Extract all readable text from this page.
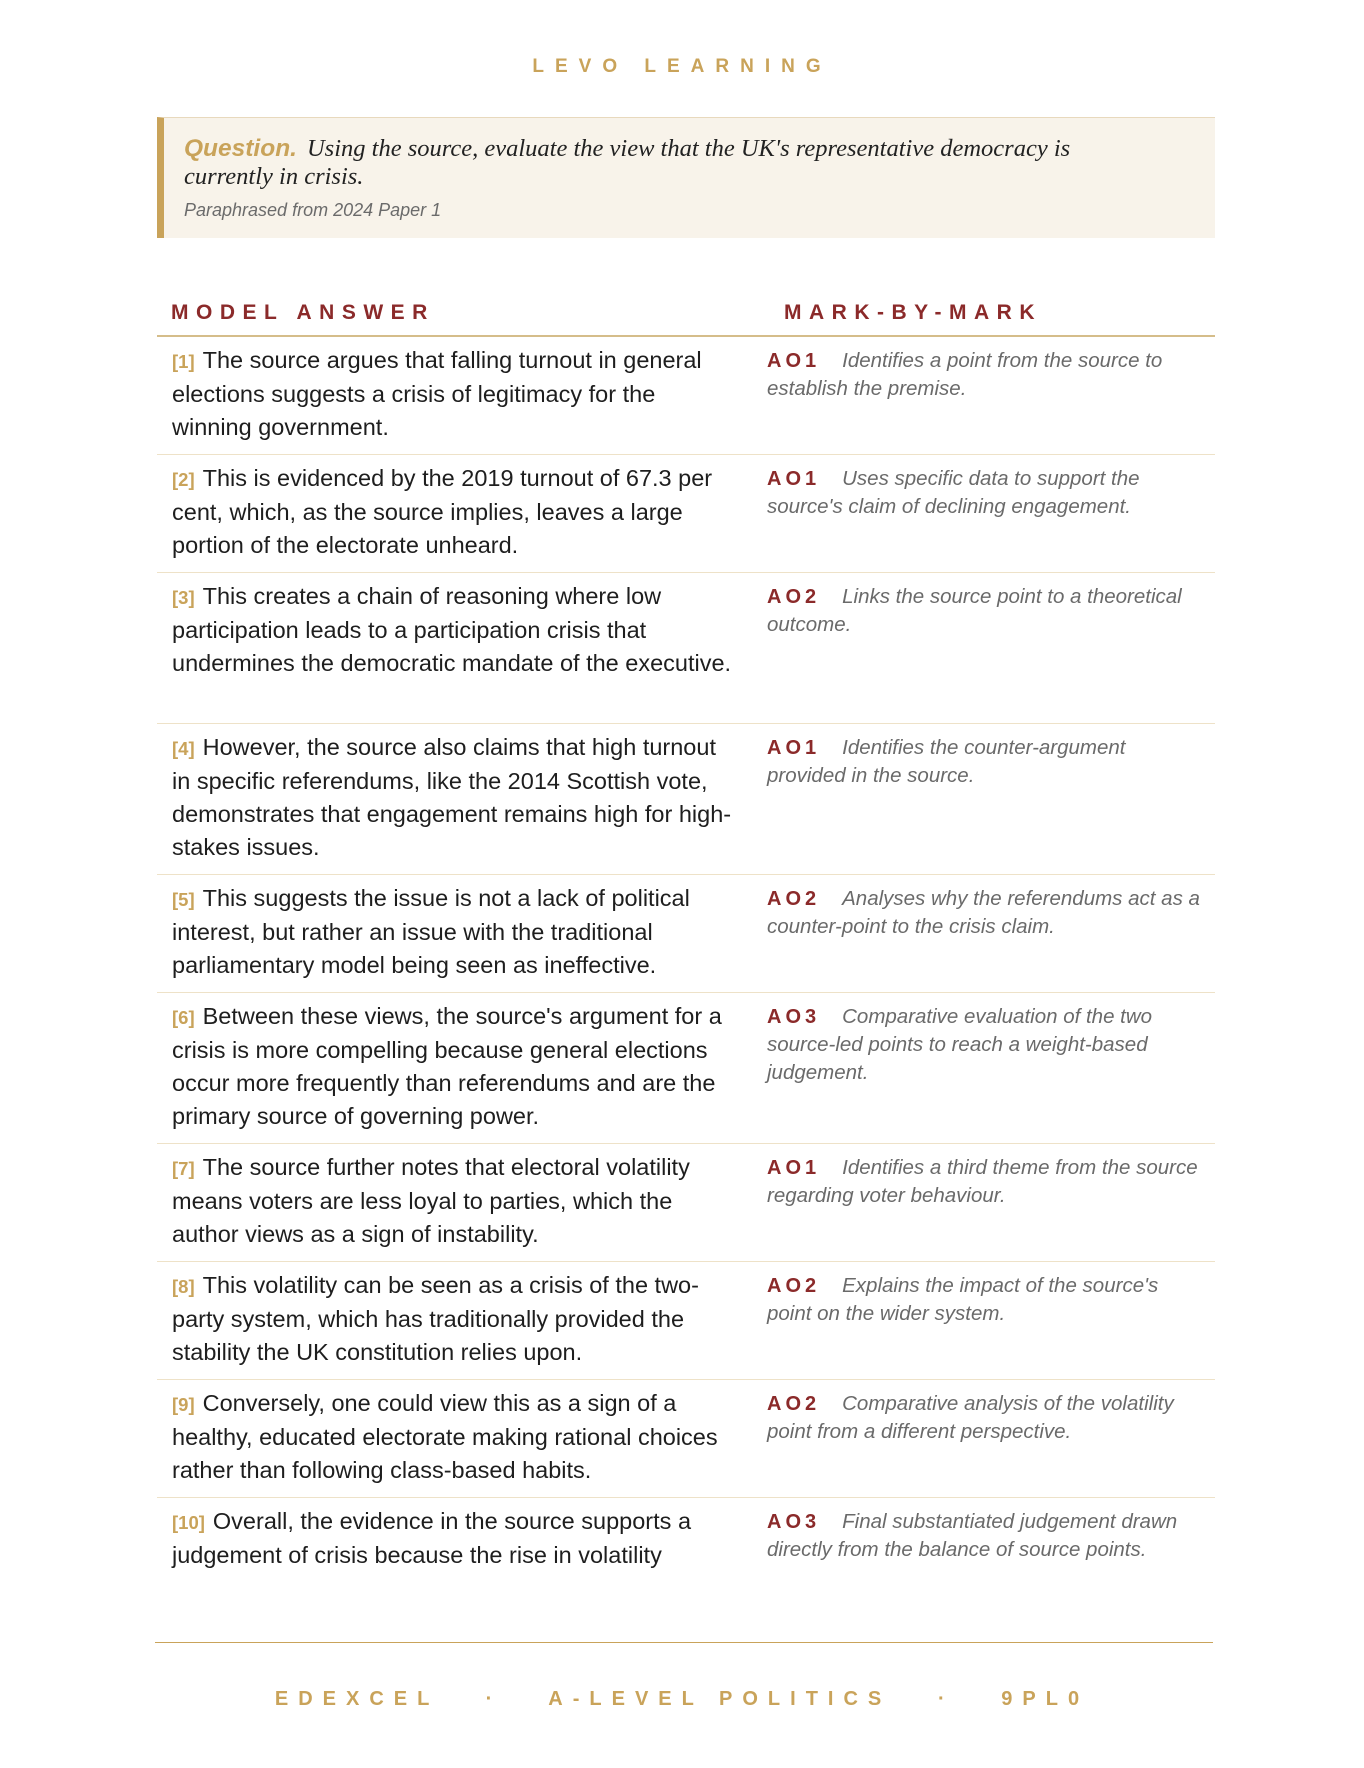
LEVO LEARNING
Question. Using the source, evaluate the view that the UK's representative democracy is
currently in crisis.
Paraphrased from 2024 Paper 1
MODEL ANSWER	MARK-BY-MARK
[1] The source argues that falling turnout in general elections suggests a crisis of legitimacy for the winning government.
AO1 Identifies a point from the source to establish the premise.
[2] This is evidenced by the 2019 turnout of 67.3 per cent, which, as the source implies, leaves a large portion of the electorate unheard.
AO1 Uses specific data to support the source's claim of declining engagement.
[3] This creates a chain of reasoning where low participation leads to a participation crisis that undermines the democratic mandate of the executive.
AO2 Links the source point to a theoretical outcome.
[4] However, the source also claims that high turnout in specific referendums, like the 2014 Scottish vote, demonstrates that engagement remains high for high-stakes issues.
AO1 Identifies the counter-argument provided in the source.
[5] This suggests the issue is not a lack of political interest, but rather an issue with the traditional parliamentary model being seen as ineffective.
AO2 Analyses why the referendums act as a counter-point to the crisis claim.
[6] Between these views, the source's argument for a crisis is more compelling because general elections occur more frequently than referendums and are the primary source of governing power.
AO3 Comparative evaluation of the two source-led points to reach a weight-based judgement.
[7] The source further notes that electoral volatility means voters are less loyal to parties, which the author views as a sign of instability.
AO1 Identifies a third theme from the source regarding voter behaviour.
[8] This volatility can be seen as a crisis of the two-party system, which has traditionally provided the stability the UK constitution relies upon.
AO2 Explains the impact of the source's point on the wider system.
[9] Conversely, one could view this as a sign of a healthy, educated electorate making rational choices rather than following class-based habits.
AO2 Comparative analysis of the volatility point from a different perspective.
[10] Overall, the evidence in the source supports a judgement of crisis because the rise in volatility
AO3 Final substantiated judgement drawn directly from the balance of source points.
EDEXCEL · A-LEVEL POLITICS · 9PL0
